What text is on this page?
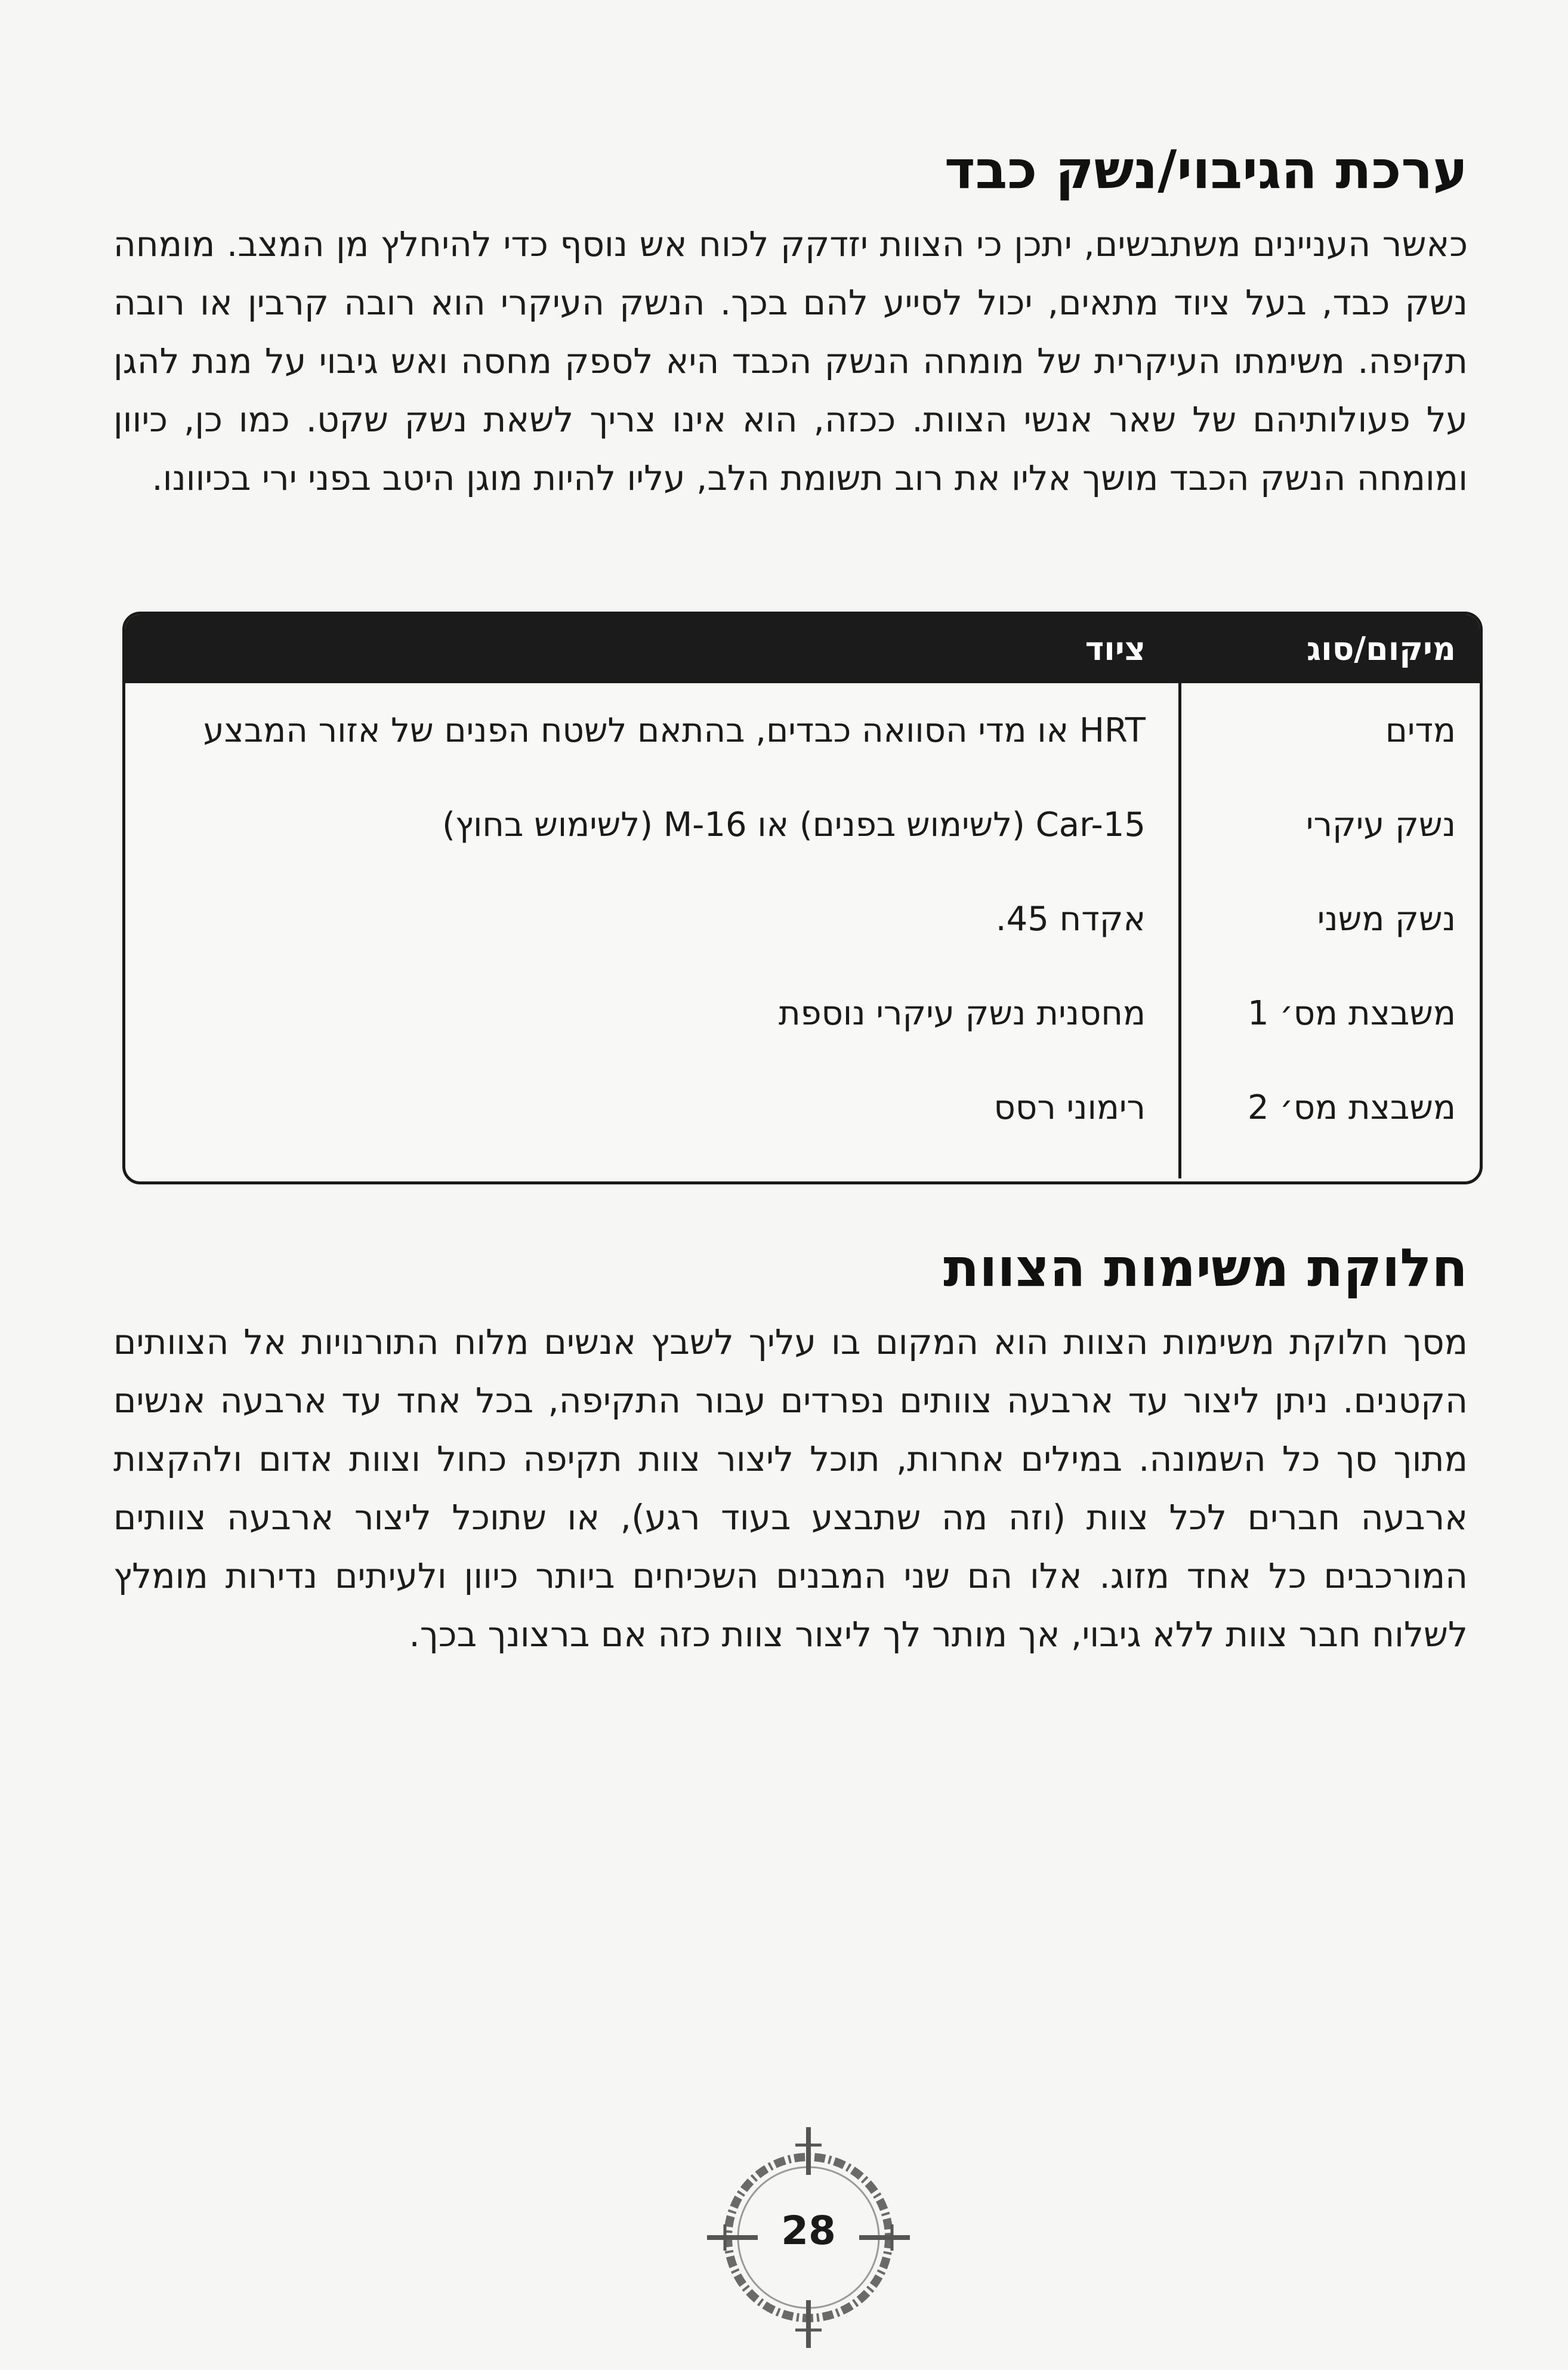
ערכת הגיבוי/נשק כבד

כאשר העניינים משתבשים, יתכן כי הצוות יזדקק לכוח אש נוסף כדי להיחלץ מן המצב. מומחה נשק כבד, בעל ציוד מתאים, יכול לסייע להם בכך. הנשק העיקרי הוא רובה קרבין או רובה תקיפה. משימתו העיקרית של מומחה הנשק הכבד היא לספק מחסה ואש גיבוי על מנת להגן על פעולותיהם של שאר אנשי הצוות. ככזה, הוא אינו צריך לשאת נשק שקט. כמו כן, כיוון ומומחה הנשק הכבד מושך אליו את רוב תשומת הלב, עליו להיות מוגן היטב בפני ירי בכיוונו.

מיקום/סוג
ציוד
מדים
HRT או מדי הסוואה כבדים, בהתאם לשטח הפנים של אזור המבצע
נשק עיקרי
Car-15 (לשימוש בפנים) או M-16 (לשימוש בחוץ)
נשק משני
אקדח 45.
משבצת מס׳ 1
מחסנית נשק עיקרי נוספת
משבצת מס׳ 2
רימוני רסס
חלוקת משימות הצוות

מסך חלוקת משימות הצוות הוא המקום בו עליך לשבץ אנשים מלוח התורנויות אל הצוותים הקטנים. ניתן ליצור עד ארבעה צוותים נפרדים עבור התקיפה, בכל אחד עד ארבעה אנשים מתוך סך כל השמונה. במילים אחרות, תוכל ליצור צוות תקיפה כחול וצוות אדום ולהקצות ארבעה חברים לכל צוות (וזה מה שתבצע בעוד רגע), או שתוכל ליצור ארבעה צוותים המורכבים כל אחד מזוג. אלו הם שני המבנים השכיחים ביותר כיוון ולעיתים נדירות מומלץ לשלוח חבר צוות ללא גיבוי, אך מותר לך ליצור צוות כזה אם ברצונך בכך.

28
